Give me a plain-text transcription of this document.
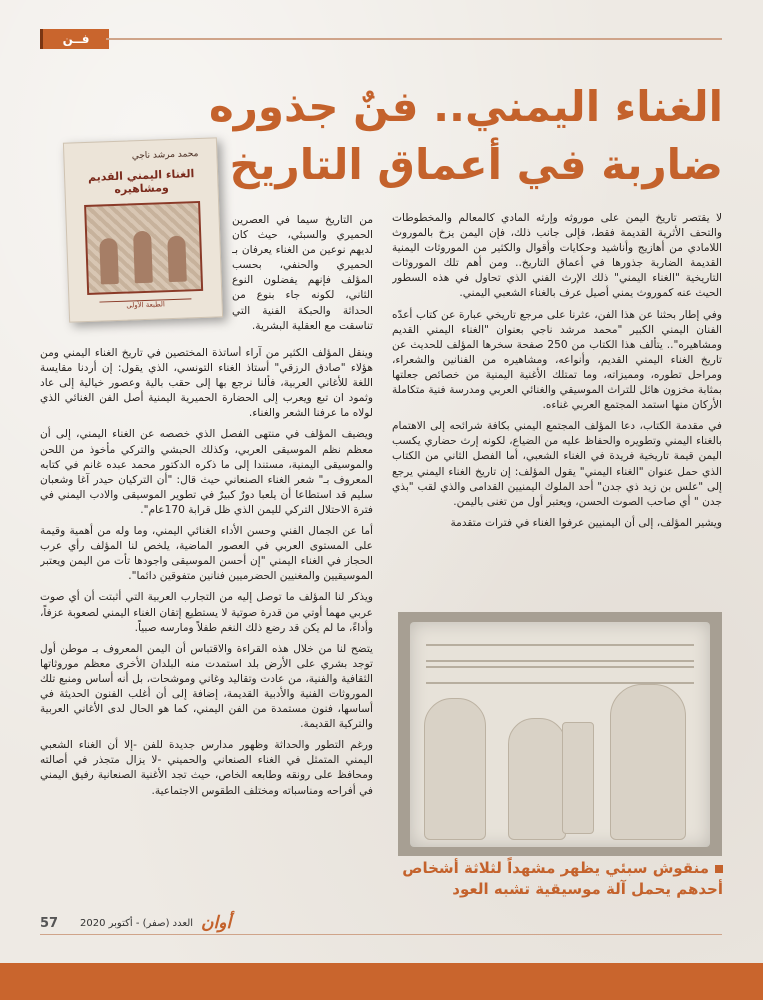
فــن
الغناء اليمني.. فنٌ جذوره
ضاربة في أعماق التاريخ
محمد مرشد ناجي
الغناء اليمني القديم ومشاهيره
الطبعة الأولى

لا يقتصر تاريخ اليمن على موروثه وإرثه المادي كالمعالم والمخطوطات والتحف الأثرية القديمة فقط، فإلى جانب ذلك، فإن اليمن يزخ بالموروث اللامادي من أهازيج وأناشيد وحكايات وأقوال والكثير من الموروثات اليمنية القديمة الضاربة جذورها في أعماق التاريخ.. ومن أهم تلك الموروثات التاريخية "الغناء اليمني" ذلك الإرث الفني الذي تحاول في هذه السطور الحيث عنه كموروث يمني أصيل عرف بالغناء الشعبي اليمني.

وفي إطار بحثنا عن هذا الفن، عثرنا على مرجع تاريخي عبارة عن كتاب أعدّه الفنان اليمني الكبير "محمد مرشد ناجي بعنوان "الغناء اليمني القديم ومشاهيره".. يتألف هذا الكتاب من 250 صفحة سخرها المؤلف للحديث عن تاريخ الغناء اليمني القديم، وأنواعه، ومشاهيره من الفنانين والشعراء، ومراحل تطوره، ومميزاته، وما تمتلك الأغنية اليمنية من خصائص جعلتها بمثابة مخزون هائل للتراث الموسيقي والغنائي العربي ومدرسة فنية متكاملة الأركان منها استمد المجتمع العربي غناءه.

في مقدمة الكتاب، دعا المؤلف المجتمع اليمني بكافة شرائحه إلى الاهتمام بالغناء اليمني وتطويره والحفاظ عليه من الضياع، لكونه إرث حضاري يكسب اليمن قيمة تاريخية فريدة في الغناء الشعبي، أما الفصل الثاني من الكتاب الذي حمل عنوان "الغناء اليمني" يقول المؤلف: إن تاريخ الغناء اليمني يرجع إلى "علس بن زيد ذي جدن" أحد الملوك اليمنيين القدامى والذي لقب "بذي جدن " أي صاحب الصوت الحسن، ويعتبر أول من تغنى باليمن.

ويشير المؤلف، إلى أن اليمنيين عرفوا الغناء في فترات متقدمة

من التاريخ سيما في العصرين الحميري والسبئي، حيث كان لديهم نوعين من الغناء يعرفان بـ الحميري والحنفي، بحسب المؤلف فإنهم يفضلون النوع الثاني، لكونه جاء بنوع من الحداثة والحبكة الفنية التي تناسقت مع العقلية البشرية.

وينقل المؤلف الكثير من آراء أساتذة المختصين في تاريخ الغناء اليمني ومن هؤلاء "صادق الرزقي" أستاذ الغناء التونسي، الذي يقول: إن أردنا مقايسة اللغة للأغاني العربية، فألنا نرجع بها إلى حقب بالية وعصور خيالية إلى عاد وثمود ان تبع ويعرب إلى الحضارة الحميرية اليمنية أصل الفن الغنائي الذي لولاه ما عرفنا الشعر والغناء.

ويضيف المؤلف في منتهى الفصل الذي خصصه عن الغناء اليمني، إلى أن معظم نظم الموسيقى العربي، وكذلك الحبشي والتركي مأخوذ من اللحن والموسيقى اليمنية، مستندا إلى ما ذكره الدكتور محمد عبده غانم في كتابه المعروف بـ" شعر الغناء الصنعاني حيث قال: "أن التركيان حيدر آغا وشعبان سليم قد استطاعا أن يلعبا دورٌ كبيرٌ في تطوير الموسيقى والادب اليمني في فترة الاحتلال التركي لليمن الذي ظل قرابة 170عام".

أما عن الجمال الفني وحسن الأداء الغنائي اليمني، وما وله من أهمية وقيمة على المستوى العربي في العصور الماضية، يلخص لنا المؤلف رأي عرب الحجاز في الغناء اليمني "إن أحسن الموسيقى واجودها تأت من اليمن ويعتبر الموسيقيين والمغنيين الحضرميين فنانين متفوقين دائما".

ويذكر لنا المؤلف ما توصل إليه من التجارب العربية التي أثبتت أن أي صوت عربي مهما أوتي من قدرة صوتية لا يستطيع إتقان الغناء اليمني لصعوبة عزفاً، وأداءً، ما لم يكن قد رضع ذلك النغم طفلاً ومارسه صبياً.

يتضح لنا من خلال هذه القراءة والاقتباس أن اليمن المعروف بـ موطن أول توجد بشري على الأرض بلد استمدت منه البلدان الأخرى معظم موروثاتها الثقافية والفنية، من عادت وتقاليد وغاني وموشحات، بل أنه أساس ومنبع تلك الموروثات الفنية والأدبية القديمة، إضافة إلى أن أغلب الفنون الحديثة في أساسها، فنون مستمدة من الفن اليمني، كما هو الحال لدى الأغاني العربية والتركية القديمة.

ورغم التطور والحداثة وظهور مدارس جديدة للفن -إلا أن الغناء الشعبي اليمني المتمثل في الغناء الصنعاني والحميني -لا يزال متجذر في أصالته ومحافظ على رونقه وطابعه الخاص، حيث تجد الأغنية الصنعانية رفيق اليمني في أفراحه ومناسباته ومختلف الطقوس الاجتماعية.

منقوش سبئي يظهر مشهداً لثلاثة أشخاص
أحدهم يحمل آلة موسيقية تشبه العود
57	العدد (صفر) - أكتوبر 2020 أوان
